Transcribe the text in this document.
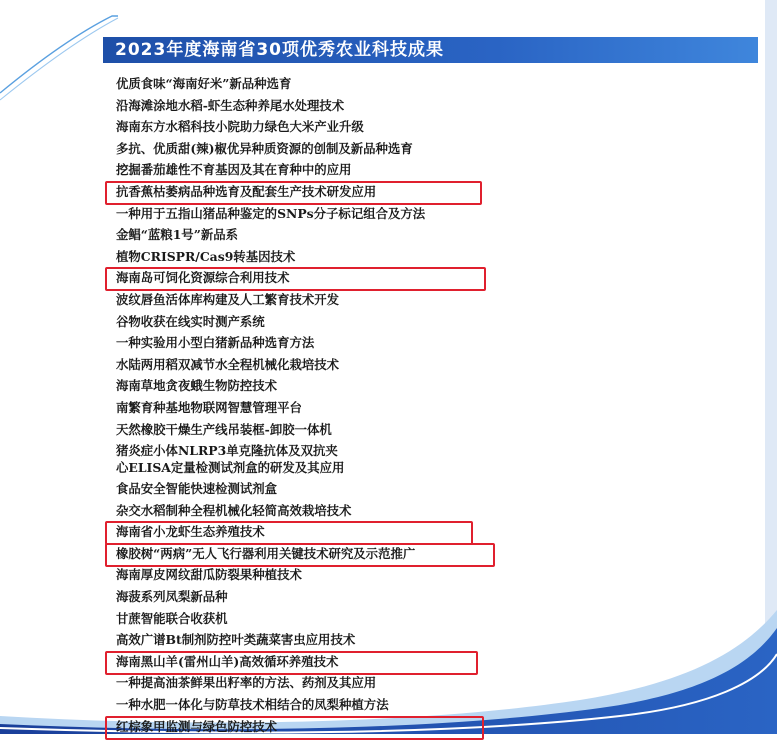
2023年度海南省30项优秀农业科技成果
优质食味“海南好米”新品种选育
沿海滩涂地水稻-虾生态种养尾水处理技术
海南东方水稻科技小院助力绿色大米产业升级
多抗、优质甜(辣)椒优异种质资源的创制及新品种选育
挖掘番茄雄性不育基因及其在育种中的应用
抗香蕉枯萎病品种选育及配套生产技术研发应用
一种用于五指山猪品种鉴定的SNPs分子标记组合及方法
金鲳“蓝粮1号”新品系
植物CRISPR/Cas9转基因技术
海南岛可饲化资源综合利用技术
波纹唇鱼活体库构建及人工繁育技术开发
谷物收获在线实时测产系统
一种实验用小型白猪新品种选育方法
水陆两用稻双减节水全程机械化栽培技术
海南草地贪夜蛾生物防控技术
南繁育种基地物联网智慧管理平台
天然橡胶干燥生产线吊装框-卸胶一体机
猪炎症小体NLRP3单克隆抗体及双抗夹
心ELISA定量检测试剂盒的研发及其应用
食品安全智能快速检测试剂盒
杂交水稻制种全程机械化轻简高效栽培技术
海南省小龙虾生态养殖技术
橡胶树“两病”无人飞行器利用关键技术研究及示范推广
海南厚皮网纹甜瓜防裂果种植技术
海菠系列凤梨新品种
甘蔗智能联合收获机
高效广谱Bt制剂防控叶类蔬菜害虫应用技术
海南黑山羊(雷州山羊)高效循环养殖技术
一种提高油茶鲜果出籽率的方法、药剂及其应用
一种水肥一体化与防草技术相结合的凤梨种植方法
红棕象甲监测与绿色防控技术
